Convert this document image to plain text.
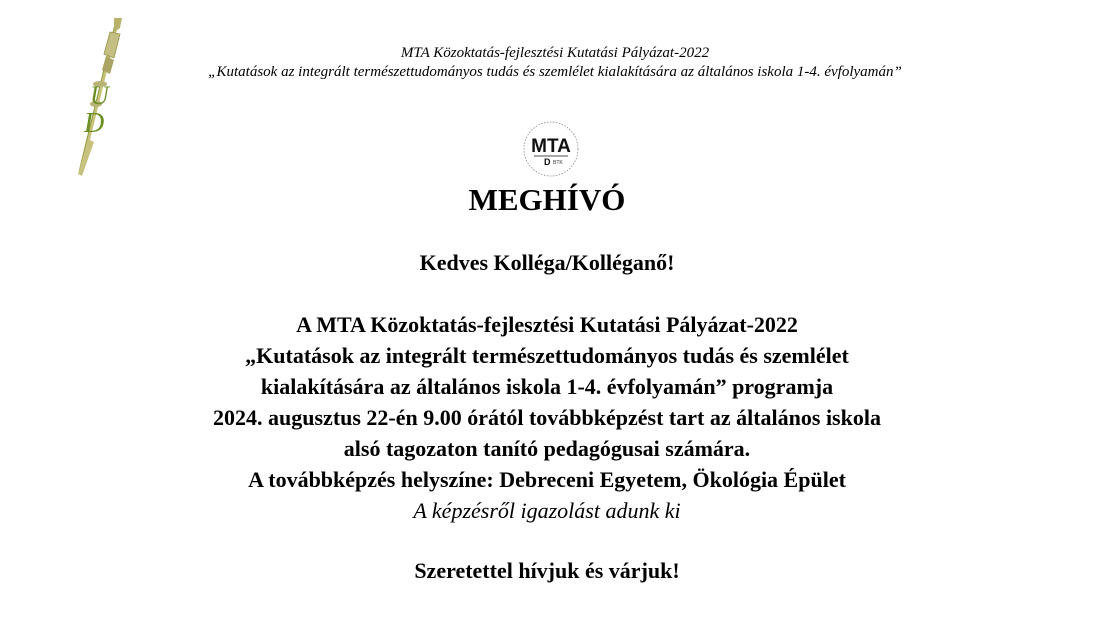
U
D
MTA Közoktatás-fejlesztési Kutatási Pályázat-2022
„Kutatások az integrált természettudományos tudás és szemlélet kialakítására az általános iskola 1-4. évfolyamán”
MTA
D BTK
MEGHÍVÓ
Kedves Kolléga/Kolléganő!
A MTA Közoktatás-fejlesztési Kutatási Pályázat-2022
„Kutatások az integrált természettudományos tudás és szemlélet
kialakítására az általános iskola 1-4. évfolyamán” programja
2024. augusztus 22-én 9.00 órától továbbképzést tart az általános iskola
alsó tagozaton tanító pedagógusai számára.
A továbbképzés helyszíne: Debreceni Egyetem, Ökológia Épület
A képzésről igazolást adunk ki
Szeretettel hívjuk és várjuk!
